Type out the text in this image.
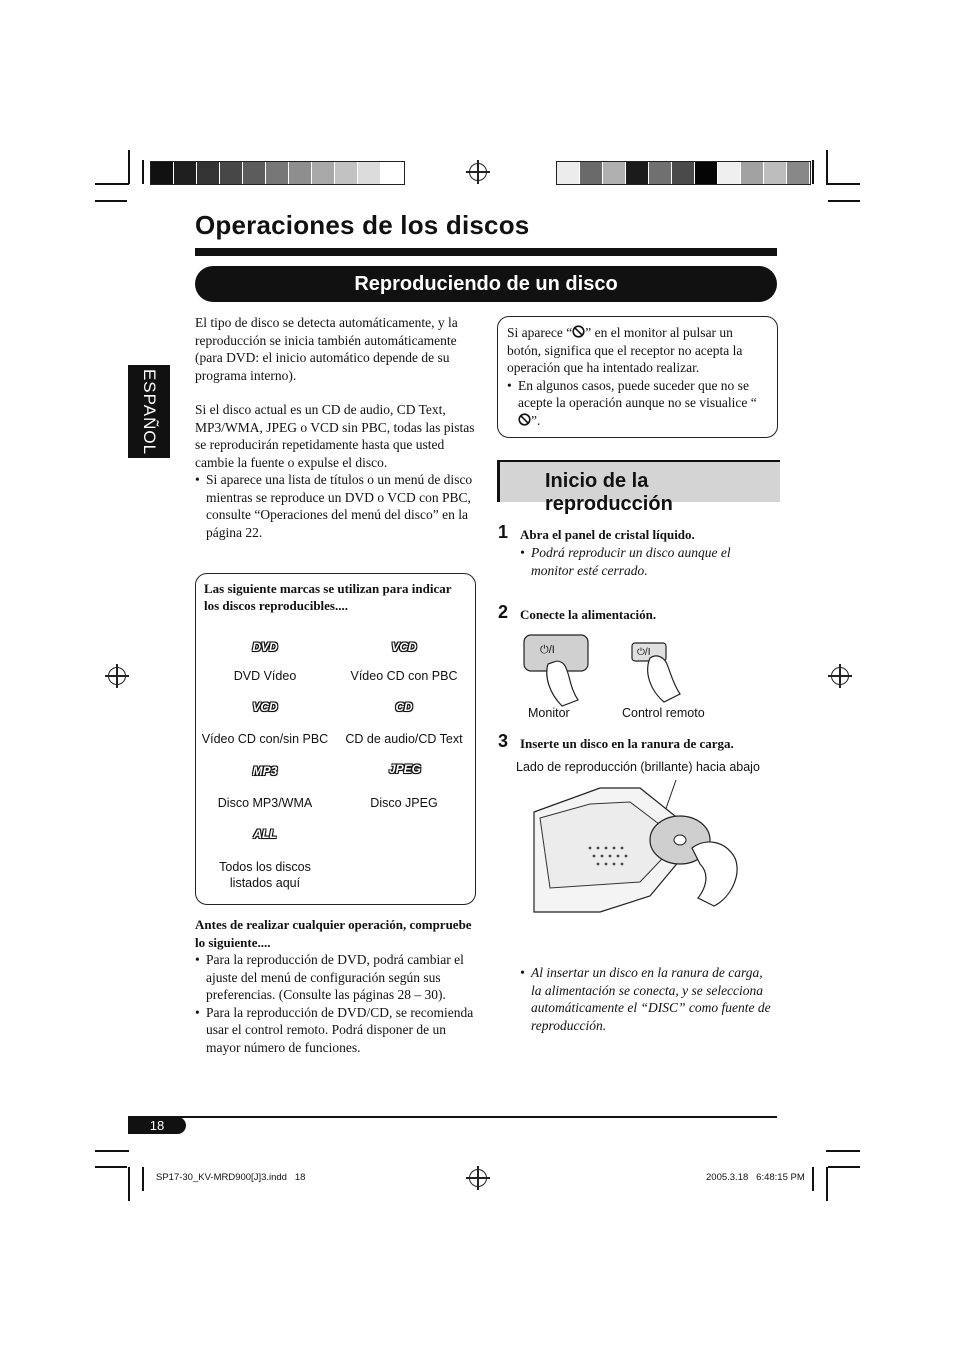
Operaciones de los discos
Reproduciendo de un disco
ESPAÑOL
El tipo de disco se detecta automáticamente, y la reproducción se inicia también automáticamente (para DVD: el inicio automático depende de su programa interno).
Si el disco actual es un CD de audio, CD Text, MP3/WMA, JPEG o VCD sin PBC, todas las pistas se reproducirán repetidamente hasta que usted cambie la fuente o expulse el disco.
• Si aparece una lista de títulos o un menú de disco mientras se reproduce un DVD o VCD con PBC, consulte “Operaciones del menú del disco” en la página 22.
Las siguiente marcas se utilizan para indicar los discos reproducibles....
DVD
DVD Vídeo
VCD
Vídeo CD con PBC
VCD
Vídeo CD con/sin PBC
CD
CD de audio/CD Text
MP3
Disco MP3/WMA
JPEG
Disco JPEG
ALL
Todos los discos listados aquí
Antes de realizar cualquier operación, compruebe lo siguiente....
• Para la reproducción de DVD, podrá cambiar el ajuste del menú de configuración según sus preferencias. (Consulte las páginas 28 – 30).
• Para la reproducción de DVD/CD, se recomienda usar el control remoto. Podrá disponer de un mayor número de funciones.
Si aparece “ ” en el monitor al pulsar un botón, significa que el receptor no acepta la operación que ha intentado realizar.
• En algunos casos, puede suceder que no se acepte la operación aunque no se visualice “”.
Inicio de la reproducción
1 Abra el panel de cristal líquido.
• Podrá reproducir un disco aunque el monitor esté cerrado.
2 Conecte la alimentación.
⏻/I	⏻/I
Monitor	Control remoto
3 Inserte un disco en la ranura de carga.
Lado de reproducción (brillante) hacia abajo
• Al insertar un disco en la ranura de carga, la alimentación se conecta, y se selecciona automáticamente el “DISC” como fuente de reproducción.
18
SP17-30_KV-MRD900[J]3.indd   18	2005.3.18   6:48:15 PM
